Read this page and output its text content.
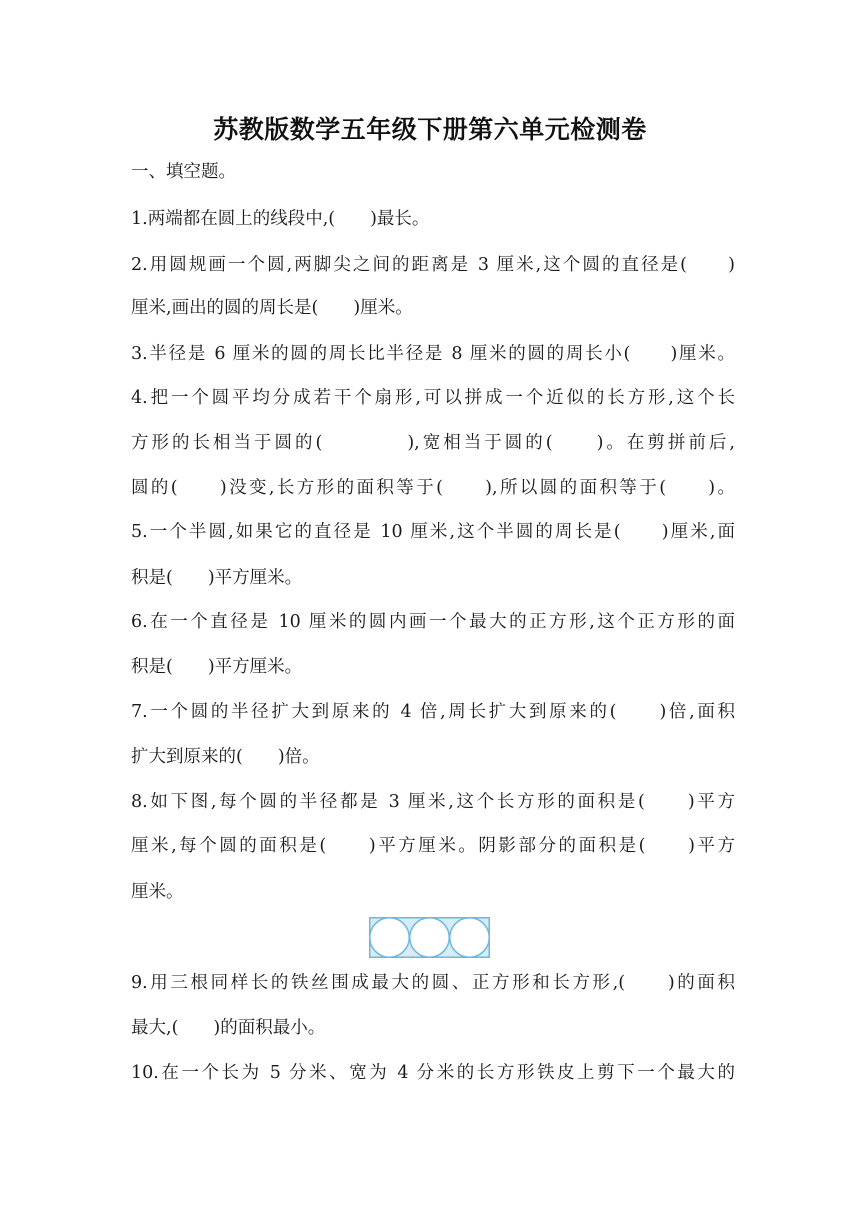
苏教版数学五年级下册第六单元检测卷
一、填空题。
1.两端都在圆上的线段中,(　　)最长。
2.用圆规画一个圆,两脚尖之间的距离是 3 厘米,这个圆的直径是(　　)
厘米,画出的圆的周长是(　　)厘米。
3.半径是 6 厘米的圆的周长比半径是 8 厘米的圆的周长小(　　)厘米。
4.把一个圆平均分成若干个扇形,可以拼成一个近似的长方形,这个长
方形的长相当于圆的(　　　　),宽相当于圆的(　　)。在剪拼前后,
圆的(　　)没变,长方形的面积等于(　　),所以圆的面积等于(　　)。
5.一个半圆,如果它的直径是 10 厘米,这个半圆的周长是(　　)厘米,面
积是(　　)平方厘米。
6.在一个直径是 10 厘米的圆内画一个最大的正方形,这个正方形的面
积是(　　)平方厘米。
7.一个圆的半径扩大到原来的 4 倍,周长扩大到原来的(　　)倍,面积
扩大到原来的(　　)倍。
8.如下图,每个圆的半径都是 3 厘米,这个长方形的面积是(　　)平方
厘米,每个圆的面积是(　　)平方厘米。阴影部分的面积是(　　)平方
厘米。
9.用三根同样长的铁丝围成最大的圆、正方形和长方形,(　　)的面积
最大,(　　)的面积最小。
10.在一个长为 5 分米、宽为 4 分米的长方形铁皮上剪下一个最大的
